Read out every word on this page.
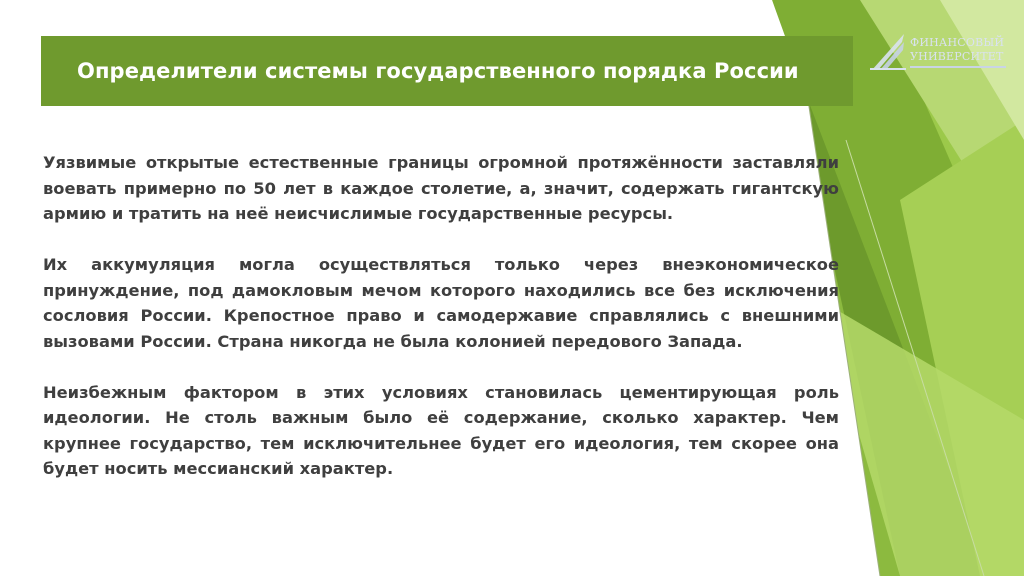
Определители системы государственного порядка России
ФИНАНСОВЫЙ
УНИВЕРСИТЕТ

Уязвимые открытые естественные границы огромной протяжённости заставляли воевать примерно по 50 лет в каждое столетие, а, значит, содержать гигантскую армию и тратить на неё неисчислимые государственные ресурсы.

Их аккумуляция могла осуществляться только через внеэкономическое принуждение, под дамокловым мечом которого находились все без исключения сословия России. Крепостное право и самодержавие справлялись с внешними вызовами России. Страна никогда не была колонией передового Запада.

Неизбежным фактором в этих условиях становилась цементирующая роль идеологии. Не столь важным было её содержание, сколько характер. Чем крупнее государство, тем исключительнее будет его идеология, тем скорее она будет носить мессианский характер.
